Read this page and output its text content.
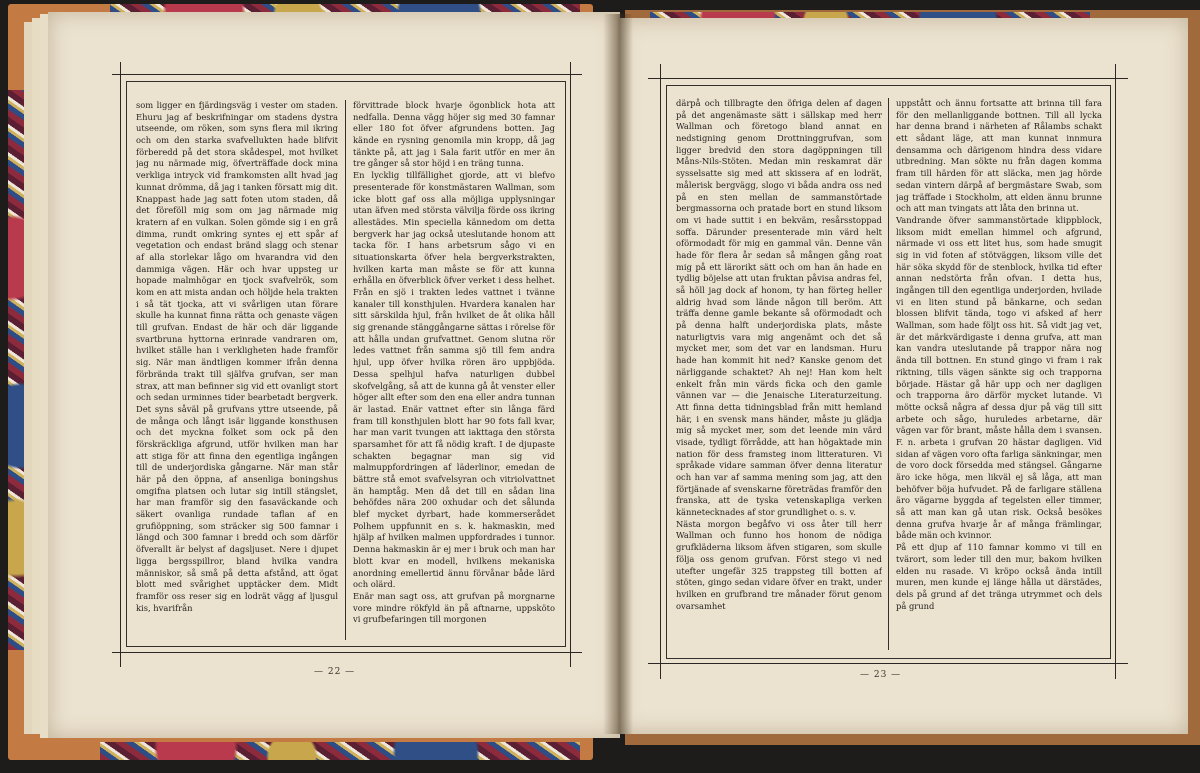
som ligger en fjärdingsväg i vester om staden. Ehuru jag af beskrifningar om stadens dystra utseende, om röken, som syns flera mil ikring och om den starka svafvellukten hade blifvit förberedd på det stora skådespel, mot hvilket jag nu närmade mig, öfverträffade dock mina verkliga intryck vid framkomsten allt hvad jag kunnat drömma, då jag i tanken försatt mig dit. Knappast hade jag satt foten utom staden, då det föreföll mig som om jag närmade mig kratern af en vulkan. Solen gömde sig i en grå dimma, rundt omkring syntes ej ett spår af vegetation och endast bränd slagg och stenar af alla storlekar lågo om hvarandra vid den dammiga vägen. Här och hvar uppsteg ur hopade malmhögar en tjock svafvelrök, som kom en att mista andan och höljde hela trakten i så tät tjocka, att vi svårligen utan förare skulle ha kunnat finna rätta och genaste vägen till grufvan. Endast de här och där liggande svartbruna hyttorna erinrade vandraren om, hvilket ställe han i verkligheten hade framför sig. När man ändtligen kommer ifrån denna förbrända trakt till själfva grufvan, ser man strax, att man befinner sig vid ett ovanligt stort och sedan urminnes tider bearbetadt bergverk. Det syns såväl på grufvans yttre utseende, på de många och långt isär liggande konsthusen och det myckna folket som ock på den förskräckliga afgrund, utför hvilken man har att stiga för att finna den egentliga ingången till de underjordiska gångarne. När man står här på den öppna, af ansenliga boningshus omgifna platsen och lutar sig intill stängslet, har man framför sig den fasaväckande och säkert ovanliga rundade taflan af en grufiöppning, som sträcker sig 500 famnar i längd och 300 famnar i bredd och som därför öfverallt är belyst af dagsljuset. Nere i djupet ligga bergsspillror, bland hvilka vandra människor, så små på detta afstånd, att ögat blott med svårighet upptäcker dem. Midt framför oss reser sig en lodrät vägg af ljusgul kis, hvarifrån
förvittrade block hvarje ögonblick hota att nedfalla. Denna vägg höjer sig med 30 famnar eller 180 fot öfver afgrundens botten. Jag kände en rysning genomila min kropp, då jag tänkte på, att jag i Sala farit utför en mer än tre gånger så stor höjd i en träng tunna.
En lycklig tillfällighet gjorde, att vi blefvo presenterade för konstmästaren Wallman, som icke blott gaf oss alla möjliga upplysningar utan äfven med största välvilja förde oss ikring allestädes. Min speciella kännedom om detta bergverk har jag också uteslutande honom att tacka för. I hans arbetsrum sågo vi en situationskarta öfver hela bergverkstrakten, hvilken karta man måste se för att kunna erhålla en öfverblick öfver verket i dess helhet. Från en sjö i trakten ledes vattnet i tvänne kanaler till konsthjulen. Hvardera kanalen har sitt särskilda hjul, från hvilket de åt olika håll sig grenande stänggångarne sättas i rörelse för att hålla undan grufvattnet. Genom slutna rör ledes vattnet från samma sjö till fem andra hjul, upp öfver hvilka rören äro uppbjöda. Dessa spelhjul hafva naturligen dubbel skofvelgång, så att de kunna gå åt venster eller höger allt efter som den ena eller andra tunnan är lastad. Enär vattnet efter sin långa färd fram till konsthjulen blott har 90 fots fall kvar, har man varit tvungen att iakttaga den största sparsamhet för att få nödig kraft. I de djupaste schakten begagnar man sig vid malmuppfordringen af läderlinor, emedan de bättre stå emot svafvelsyran och vitriolvattnet än hamptåg. Men då det till en sådan lina behöfdes nära 200 oxhudar och det sålunda blef mycket dyrbart, hade kommerserådet Polhem uppfunnit en s. k. hakmaskin, med hjälp af hvilken malmen uppfordrades i tunnor. Denna hakmaskin är ej mer i bruk och man har blott kvar en modell, hvilkens mekaniska anordning emellertid ännu förvånar både lärd och olärd.
Enär man sagt oss, att grufvan på morgnarne vore mindre rökfyld än på aftnarne, uppsköto vi grufbefaringen till morgonen
— 22 —
därpå och tillbragte den öfriga delen af dagen på det angenämaste sätt i sällskap med herr Wallman och företogo bland annat en nedstigning genom Drottninggrufvan, som ligger bredvid den stora dagöppningen till Måns-Nils-Stöten. Medan min reskamrat där sysselsatte sig med att skissera af en lodrät, målerisk bergvägg, slogo vi båda andra oss ned på en sten mellan de sammanstörtade bergmassorna och pratade bort en stund liksom om vi hade suttit i en bekväm, resårsstoppad soffa. Därunder presenterade min värd helt oförmodadt för mig en gammal vän. Denne vän hade för flera år sedan så mången gång roat mig på ett lärorikt sätt och om han än hade en tydlig böjelse att utan fruktan påvisa andras fel, så höll jag dock af honom, ty han förteg heller aldrig hvad som lände någon till beröm. Att träffa denne gamle bekante så oförmodadt och på denna halft underjordiska plats, måste naturligtvis vara mig angenämt och det så mycket mer, som det var en landsman. Huru hade han kommit hit ned? Kanske genom det närliggande schaktet? Ah nej! Han kom helt enkelt från min värds ficka och den gamle vännen var — die Jenaische Literaturzeitung. Att finna detta tidningsblad från mitt hemland här, i en svensk mans händer, måste ju glädja mig så mycket mer, som det leende min värd visade, tydligt förrådde, att han högaktade min nation för dess framsteg inom litteraturen. Vi språkade vidare samman öfver denna literatur och han var af samma mening som jag, att den förtjänade af svenskarne företrädas framför den franska, att de tyska vetenskapliga verken kännetecknades af stor grundlighet o. s. v.
Nästa morgon begåfvo vi oss åter till herr Wallman och funno hos honom de nödiga grufkläderna liksom äfven stigaren, som skulle följa oss genom grufvan. Först stego vi ned utefter ungefär 325 trappsteg till botten af stöten, gingo sedan vidare öfver en trakt, under hvilken en grufbrand tre månader förut genom ovarsamhet
uppstått och ännu fortsatte att brinna till fara för den mellanliggande bottnen. Till all lycka har denna brand i närheten af Rålambs schakt ett sådant läge, att man kunnat innmura densamma och därigenom hindra dess vidare utbredning. Man sökte nu från dagen komma fram till härden för att släcka, men jag hörde sedan vintern därpå af bergmästare Swab, som jag träffade i Stockholm, att elden ännu brunne och att man tvingats att låta den brinna ut.
Vandrande öfver sammanstörtade klippblock, liksom midt emellan himmel och afgrund, närmade vi oss ett litet hus, som hade smugit sig in vid foten af stötväggen, liksom ville det här söka skydd för de stenblock, hvilka tid efter annan nedstörta från ofvan. I detta hus, ingången till den egentliga underjorden, hvilade vi en liten stund på bänkarne, och sedan blossen blifvit tända, togo vi afsked af herr Wallman, som hade följt oss hit. Så vidt jag vet, är det märkvärdigaste i denna grufva, att man kan vandra uteslutande på trappor nära nog ända till bottnen. En stund gingo vi fram i rak riktning, tills vägen sänkte sig och trapporna började. Hästar gå här upp och ner dagligen och trapporna äro därför mycket lutande. Vi mötte också några af dessa djur på väg till sitt arbete och sågo, huruledes arbetarne, där vägen var för brant, måste hålla dem i svansen. F. n. arbeta i grufvan 20 hästar dagligen. Vid sidan af vägen voro ofta farliga sänkningar, men de voro dock försedda med stängsel. Gångarne äro icke höga, men likväl ej så låga, att man behöfver böja hufvudet. På de farligare ställena äro vägarne byggda af tegelsten eller timmer, så att man kan gå utan risk. Också besökes denna grufva hvarje år af många främlingar, både män och kvinnor.
På ett djup af 110 famnar kommo vi till en tvärort, som leder till den mur, bakom hvilken elden nu rasade. Vi kröpo också ända intill muren, men kunde ej länge hålla ut därstädes, dels på grund af det tränga utrymmet och dels på grund
— 23 —
